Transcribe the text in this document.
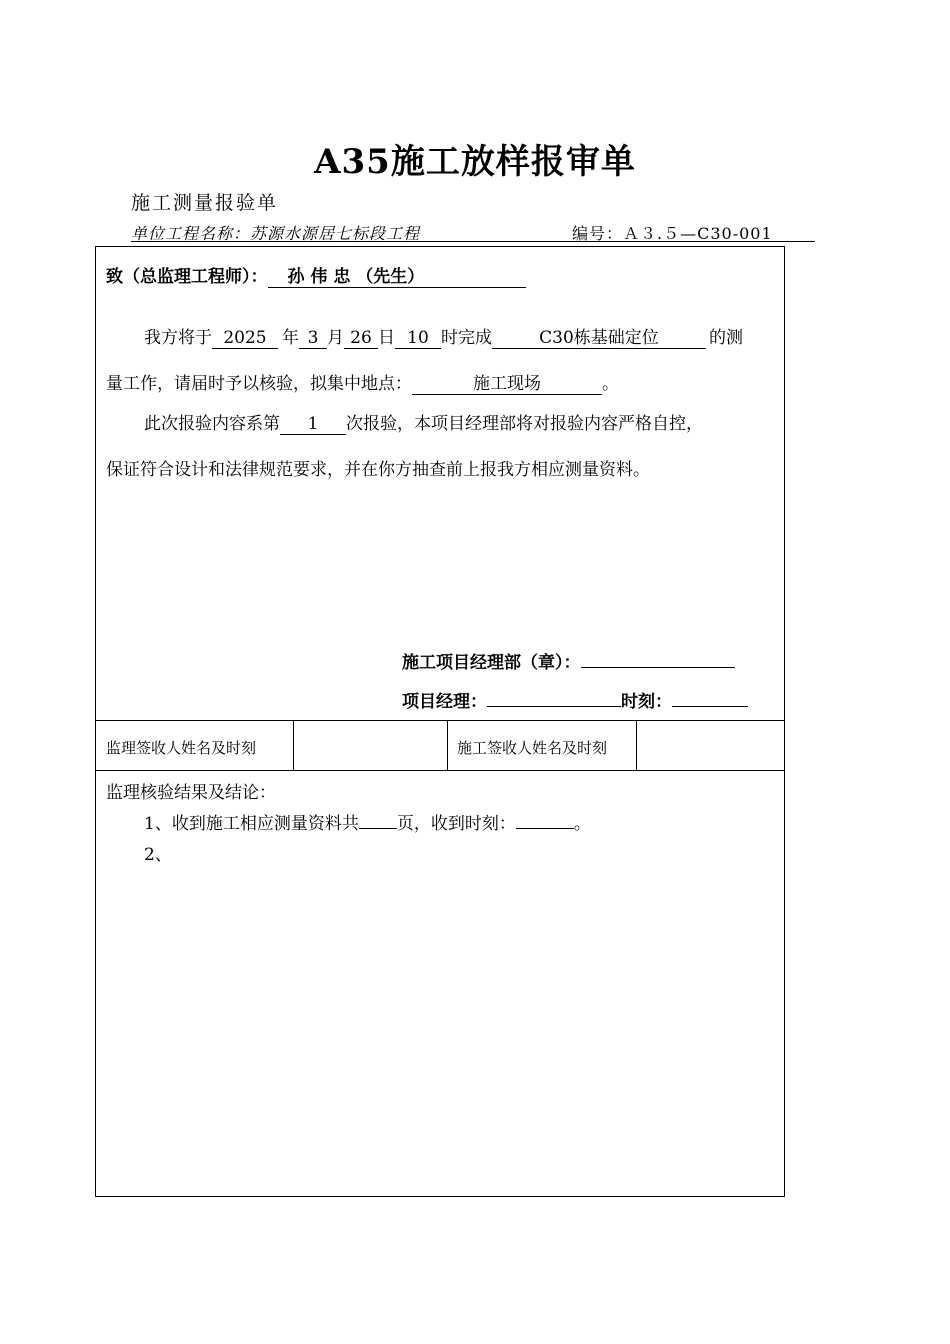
A35施工放样报审单
施工测量报验单
单位工程名称：苏源水源居七标段工程	编号：Ａ３.５—C30-001
致（总监理工程师）： 孙 伟 忠 （先生）
我方将于 2025 年 3 月 26 日 10 时完成	C30栋基础定位	的测
量工作，请届时予以核验，拟集中地点：	施工现场	。
此次报验内容系第 1 次报验，本项目经理部将对报验内容严格自控，
保证符合设计和法律规范要求，并在你方抽查前上报我方相应测量资料。
施工项目经理部（章）：
项目经理：	时刻：
监理签收人姓名及时刻	施工签收人姓名及时刻
监理核验结果及结论：
1、收到施工相应测量资料共 页，收到时刻：	。
2、
